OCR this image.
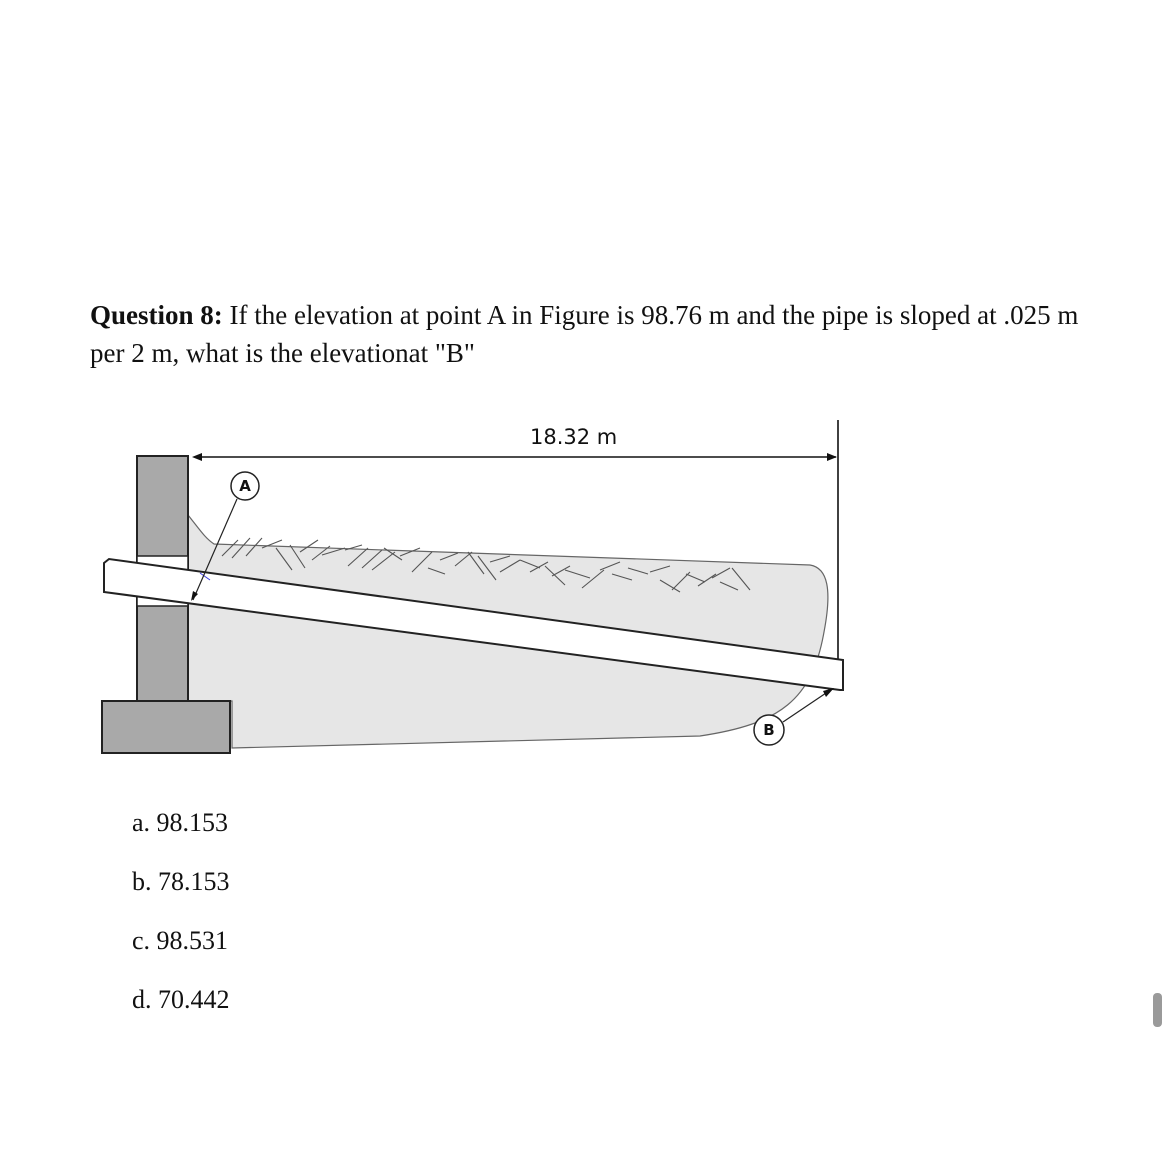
Question 8: If the elevation at point A in Figure is 98.76 m and the pipe is sloped at .025 m per 2 m, what is the elevationat "B"
18.32 m
A
B
a. 98.153
b. 78.153
c. 98.531
d. 70.442
